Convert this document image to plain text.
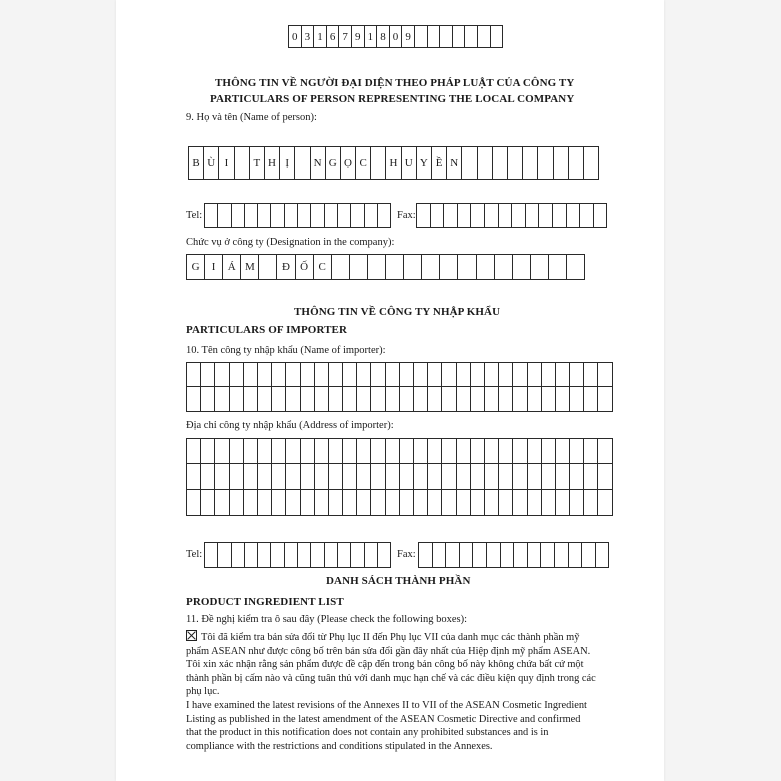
0 3 1 6 7 9 1 8 0 9
THÔNG TIN VỀ NGƯỜI ĐẠI DIỆN THEO PHÁP LUẬT CỦA CÔNG TY
PARTICULARS OF PERSON REPRESENTING THE LOCAL COMPANY
9. Họ và tên (Name of person):
B Ù I	T H Ị	N G Ọ C	H U Y Ề N
Tel:	Fax:
Chức vụ ở công ty (Designation in the company):
G	I	Á M	Đ Ố C
THÔNG TIN VỀ CÔNG TY NHẬP KHẨU
PARTICULARS OF IMPORTER
10. Tên công ty nhập khẩu (Name of importer):
Địa chỉ công ty nhập khẩu (Address of importer):
Tel:	Fax:
DANH SÁCH THÀNH PHẦN
PRODUCT INGREDIENT LIST
11. Đề nghị kiểm tra ô sau đây (Please check the following boxes):
Tôi đã kiểm tra bản sửa đổi từ Phụ lục II đến Phụ lục VII của danh mục các thành phần mỹ phẩm ASEAN như được công bố trên bản sửa đổi gần đây nhất của Hiệp định mỹ phẩm ASEAN. Tôi xin xác nhận rằng sản phẩm được đề cập đến trong bản công bố này không chứa bất cứ một thành phần bị cấm nào và cũng tuân thủ với danh mục hạn chế và các điều kiện quy định trong các phụ lục.
I have examined the latest revisions of the Annexes II to VII of the ASEAN Cosmetic Ingredient Listing as published in the latest amendment of the ASEAN Cosmetic Directive and confirmed that the product in this notification does not contain any prohibited substances and is in compliance with the restrictions and conditions stipulated in the Annexes.
